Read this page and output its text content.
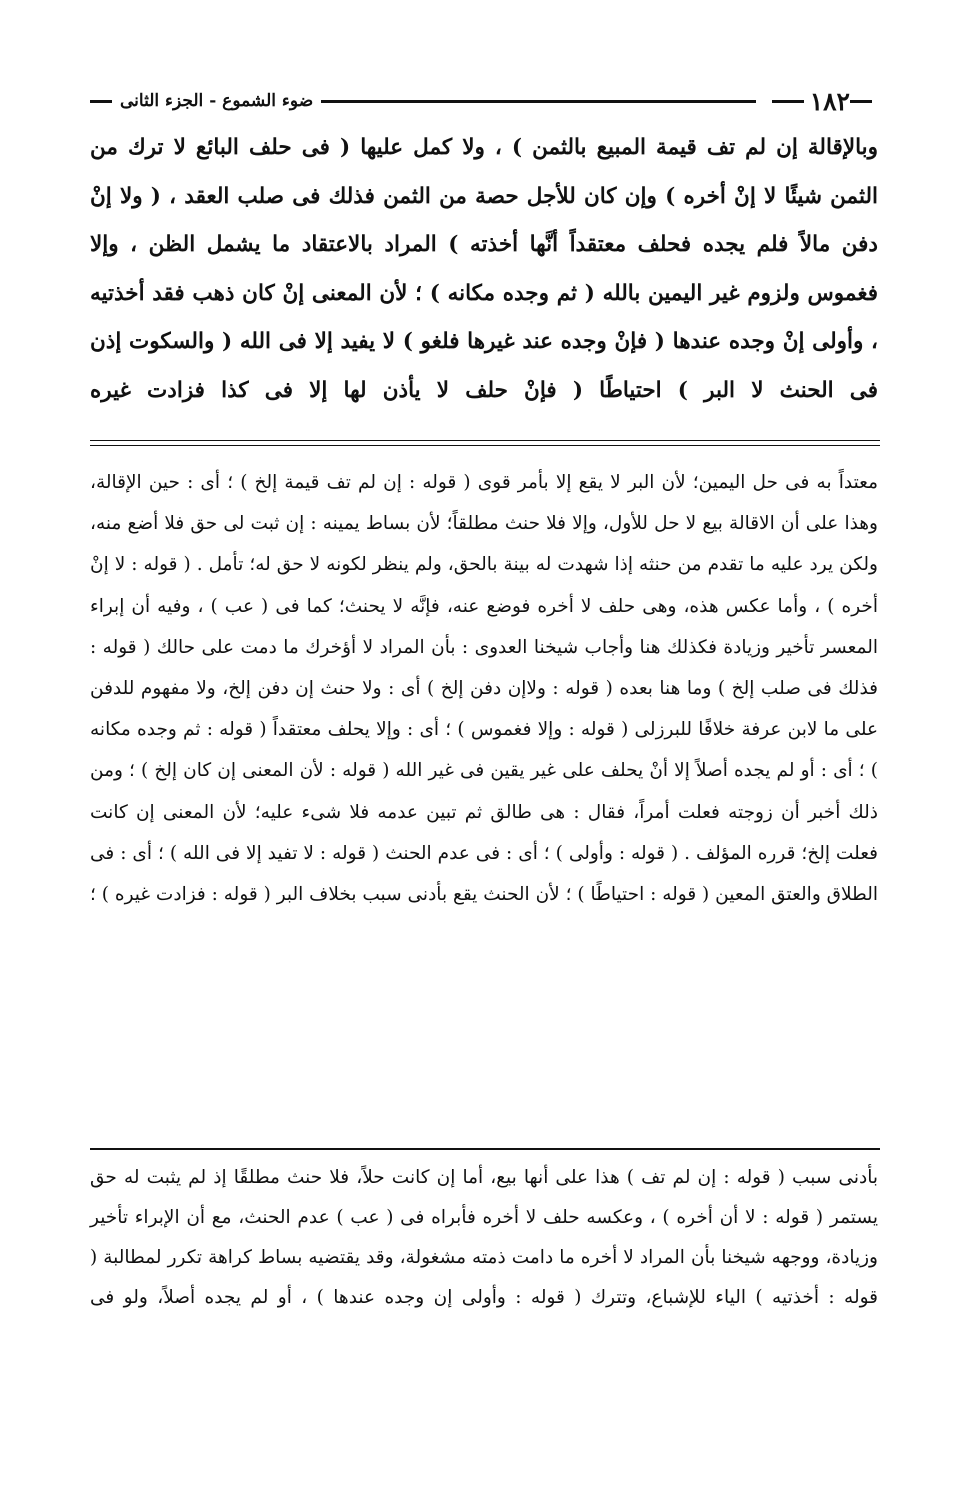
١٨٢
ضوء الشموع - الجزء الثانى

وبالإقالة إن لم تف قيمة المبيع بالثمن ) ، ولا كمل عليها ( فى حلف البائع لا ترك من الثمن شيئًا لا إنْ أخره ) وإن كان للأجل حصة من الثمن فذلك فى صلب العقد ، ( ولا إنْ دفن مالاً فلم يجده فحلف معتقداً أنَّها أخذته ) المراد بالاعتقاد ما يشمل الظن ، وإلا فغموس ولزوم غير اليمين بالله ( ثم وجده مكانه ) ؛ لأن المعنى إنْ كان ذهب فقد أخذتيه ، وأولى إنْ وجده عندها ( فإنْ وجده عند غيرها فلغو ) لا يفيد إلا فى الله ( والسكوت إذن فى الحنث لا البر ) احتياطًا ( فإنْ حلف لا يأذن لها إلا فى كذا فزادت غيره

معتداً به فى حل اليمين؛ لأن البر لا يقع إلا بأمر قوى ( قوله : إن لم تف قيمة إلخ ) ؛ أى : حين الإقالة، وهذا على أن الاقالة بيع لا حل للأول، وإلا فلا حنث مطلقاً؛ لأن بساط يمينه : إن ثبت لى حق فلا أضع منه، ولكن يرد عليه ما تقدم من حنثه إذا شهدت له بينة بالحق، ولم ينظر لكونه لا حق له؛ تأمل . ( قوله : لا إنْ أخره ) ، وأما عكس هذه، وهى حلف لا أخره فوضع عنه، فإنَّه لا يحنث؛ كما فى ( عب ) ، وفيه أن إبراء المعسر تأخير وزيادة فكذلك هنا وأجاب شيخنا العدوى : بأن المراد لا أؤخرك ما دمت على حالك ( قوله : فذلك فى صلب إلخ ) وما هنا بعده ( قوله : ولاإن دفن إلخ ) أى : ولا حنث إن دفن إلخ، ولا مفهوم للدفن على ما لابن عرفة خلافًا للبرزلى ( قوله : وإلا فغموس ) ؛ أى : وإلا يحلف معتقداً ( قوله : ثم وجده مكانه ) ؛ أى : أو لم يجده أصلاً إلا أنْ يحلف على غير يقين فى غير الله ( قوله : لأن المعنى إن كان إلخ ) ؛ ومن ذلك أخبر أن زوجته فعلت أمراً، فقال : هى طالق ثم تبين عدمه فلا شىء عليه؛ لأن المعنى إن كانت فعلت إلخ؛ قرره المؤلف . ( قوله : وأولى ) ؛ أى : فى عدم الحنث ( قوله : لا تفيد إلا فى الله ) ؛ أى : فى الطلاق والعتق المعين ( قوله : احتياطًا ) ؛ لأن الحنث يقع بأدنى سبب بخلاف البر ( قوله : فزادت غيره ) ؛

بأدنى سبب ( قوله : إن لم تف ) هذا على أنها بيع، أما إن كانت حلاً، فلا حنث مطلقًا إذ لم يثبت له حق يستمر ( قوله : لا أن أخره ) ، وعكسه حلف لا أخره فأبراه فى ( عب ) عدم الحنث، مع أن الإبراء تأخير وزيادة، ووجهه شيخنا بأن المراد لا أخره ما دامت ذمته مشغولة، وقد يقتضيه بساط كراهة تكرر لمطالبة ( قوله : أخذتيه ) الياء للإشباع، وتترك ( قوله : وأولى إن وجده عندها ) ، أو لم يجده أصلاً، ولو فى
